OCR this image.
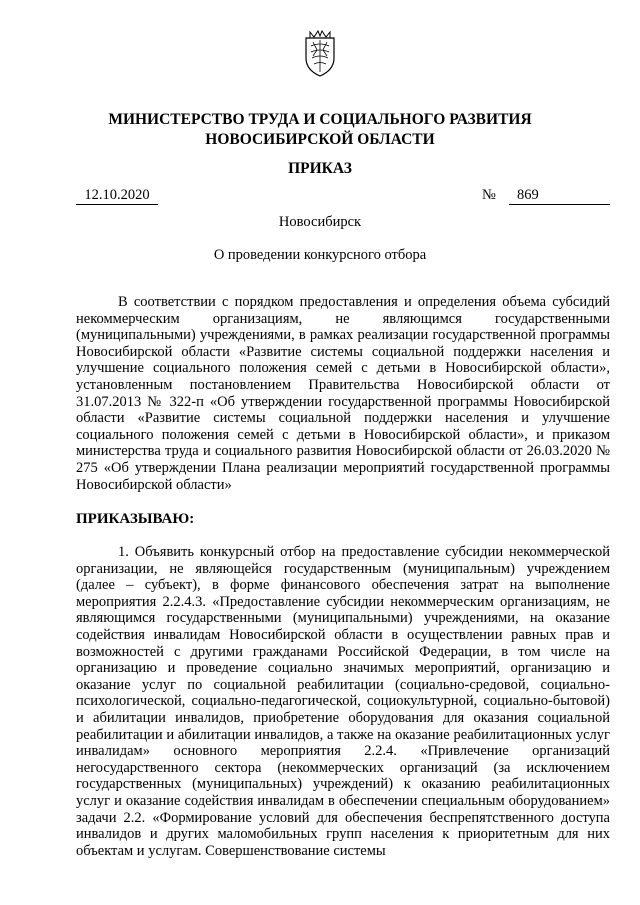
МИНИСТЕРСТВО ТРУДА И СОЦИАЛЬНОГО РАЗВИТИЯ
НОВОСИБИРСКОЙ ОБЛАСТИ
ПРИКАЗ
12.10.2020	№	869
Новосибирск
О проведении конкурсного отбора

В соответствии с порядком предоставления и определения объема субсидий некоммерческим организациям, не являющимся государственными (муниципальными) учреждениями, в рамках реализации государственной программы Новосибирской области «Развитие системы социальной поддержки населения и улучшение социального положения семей с детьми в Новосибирской области», установленным постановлением Правительства Новосибирской области от 31.07.2013 № 322-п «Об утверждении государственной программы Новосибирской области «Развитие системы социальной поддержки населения и улучшение социального положения семей с детьми в Новосибирской области», и приказом министерства труда и социального развития Новосибирской области от 26.03.2020 № 275 «Об утверждении Плана реализации мероприятий государственной программы Новосибирской области»

ПРИКАЗЫВАЮ:

1. Объявить конкурсный отбор на предоставление субсидии некоммерческой организации, не являющейся государственным (муниципальным) учреждением (далее – субъект), в форме финансового обеспечения затрат на выполнение мероприятия 2.2.4.3. «Предоставление субсидии некоммерческим организациям, не являющимся государственными (муниципальными) учреждениями, на оказание содействия инвалидам Новосибирской области в осуществлении равных прав и возможностей с другими гражданами Российской Федерации, в том числе на организацию и проведение социально значимых мероприятий, организацию и оказание услуг по социальной реабилитации (социально-средовой, социально-психологической, социально-педагогической, социокультурной, социально-бытовой) и абилитации инвалидов, приобретение оборудования для оказания социальной реабилитации и абилитации инвалидов, а также на оказание реабилитационных услуг инвалидам» основного мероприятия 2.2.4. «Привлечение организаций негосударственного сектора (некоммерческих организаций (за исключением государственных (муниципальных) учреждений) к оказанию реабилитационных услуг и оказание содействия инвалидам в обеспечении специальным оборудованием» задачи 2.2. «Формирование условий для обеспечения беспрепятственного доступа инвалидов и других маломобильных групп населения к приоритетным для них объектам и услугам. Совершенствование системы
